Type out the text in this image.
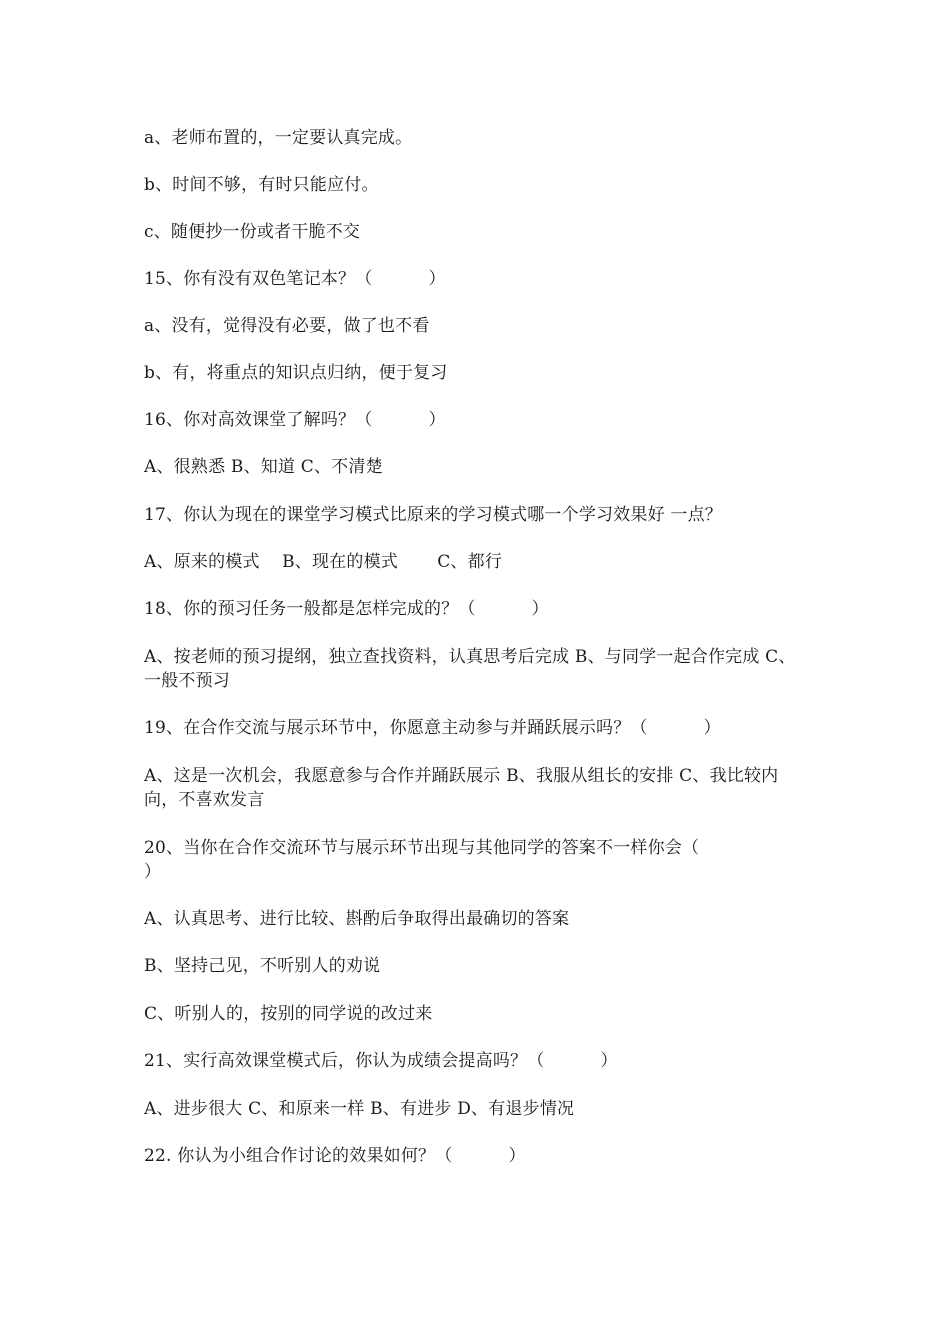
a、老师布置的，一定要认真完成。
b、时间不够，有时只能应付。
c、随便抄一份或者干脆不交
15、你有没有双色笔记本？（          ）
a、没有，觉得没有必要，做了也不看
b、有，将重点的知识点归纳，便于复习
16、你对高效课堂了解吗？（          ）
A、很熟悉 B、知道 C、不清楚
17、你认为现在的课堂学习模式比原来的学习模式哪一个学习效果好 一点？
A、原来的模式    B、现在的模式       C、都行
18、你的预习任务一般都是怎样完成的？（          ）
A、按老师的预习提纲，独立查找资料，认真思考后完成 B、与同学一起合作完成 C、一般不预习
19、在合作交流与展示环节中，你愿意主动参与并踊跃展示吗？（          ）
A、这是一次机会，我愿意参与合作并踊跃展示 B、我服从组长的安排 C、我比较内向，不喜欢发言
20、当你在合作交流环节与展示环节出现与其他同学的答案不一样你会（          ）
A、认真思考、进行比较、斟酌后争取得出最确切的答案
B、坚持己见，不听别人的劝说
C、听别人的，按别的同学说的改过来
21、实行高效课堂模式后，你认为成绩会提高吗？（          ）
A、进步很大 C、和原来一样 B、有进步 D、有退步情况
22. 你认为小组合作讨论的效果如何？（          ）
